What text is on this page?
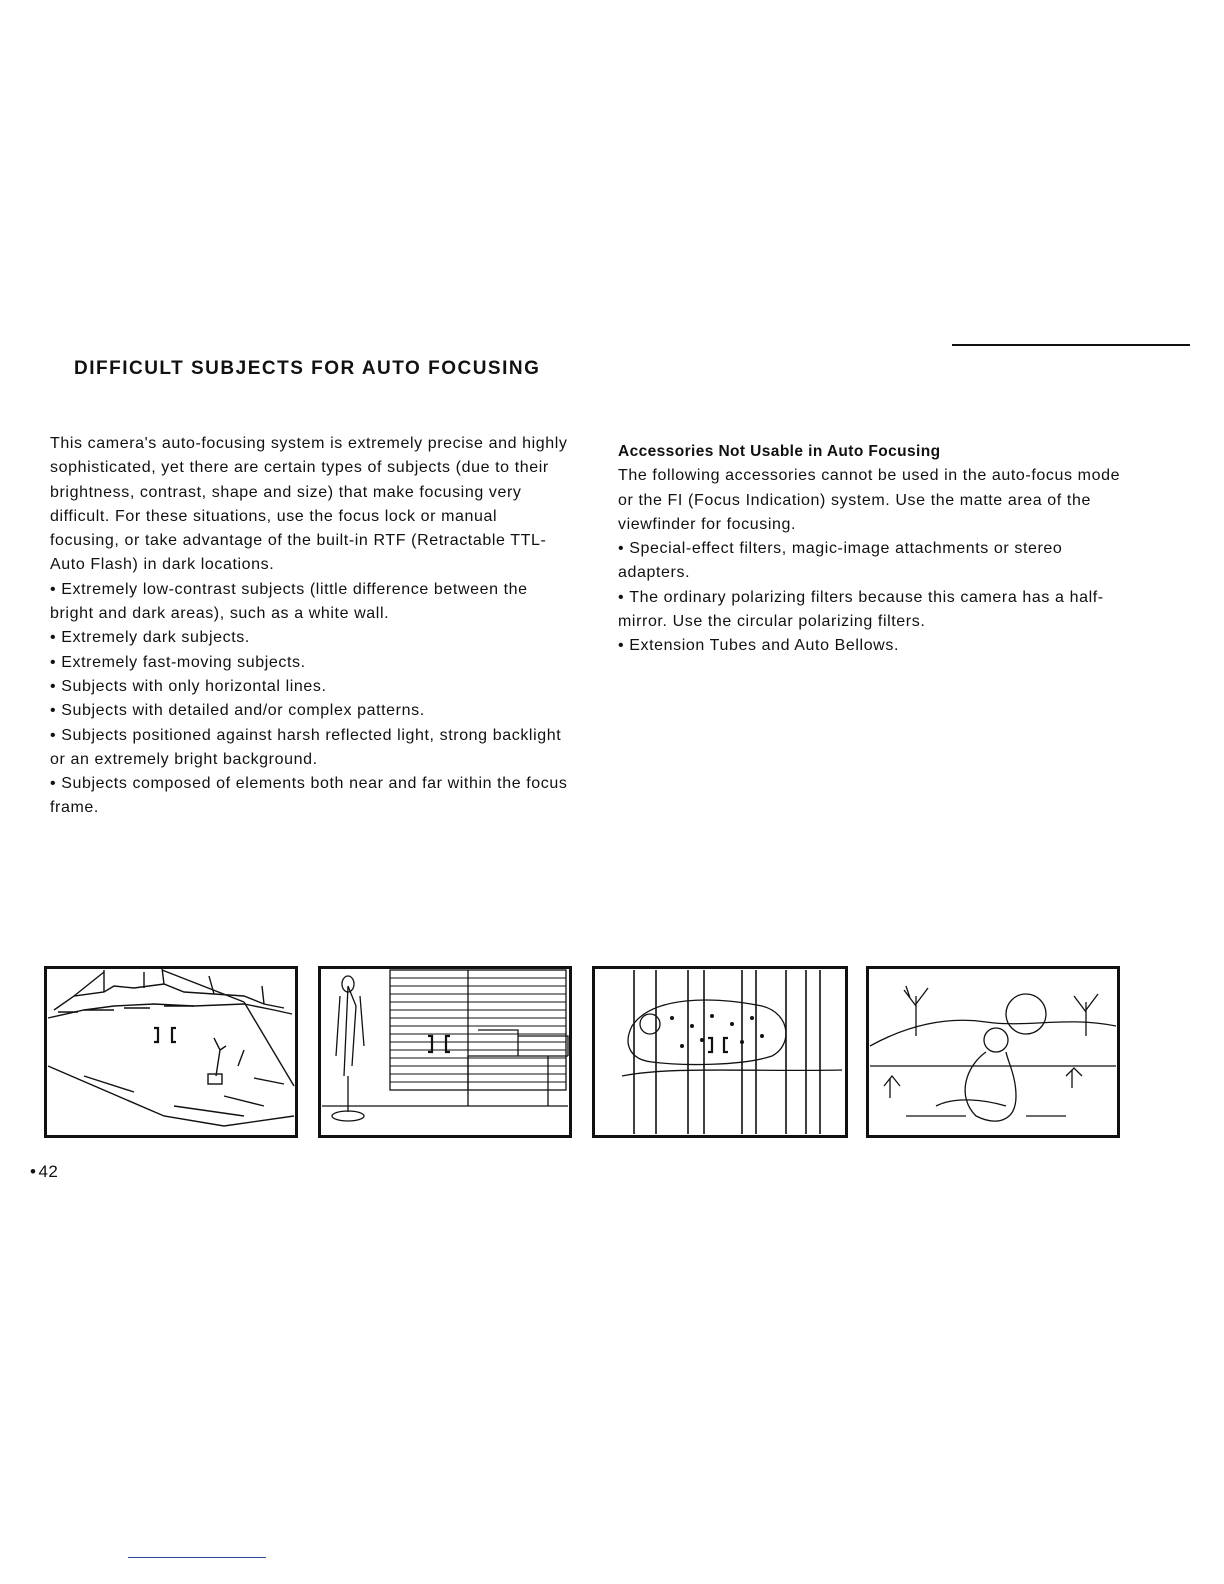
DIFFICULT SUBJECTS FOR AUTO FOCUSING

This camera's auto-focusing system is extremely precise and highly sophisticated, yet there are certain types of subjects (due to their brightness, contrast, shape and size) that make focusing very difficult. For these situations, use the focus lock or manual focusing, or take advantage of the built-in RTF (Retractable TTL-Auto Flash) in dark locations.

• Extremely low-contrast subjects (little difference between the bright and dark areas), such as a white wall.

• Extremely dark subjects.

• Extremely fast-moving subjects.

• Subjects with only horizontal lines.

• Subjects with detailed and/or complex patterns.

• Subjects positioned against harsh reflected light, strong backlight or an extremely bright background.

• Subjects composed of elements both near and far within the focus frame.

Accessories Not Usable in Auto Focusing

The following accessories cannot be used in the auto-focus mode or the FI (Focus Indication) system. Use the matte area of the viewfinder for focusing.

• Special-effect filters, magic-image attachments or stereo adapters.

• The ordinary polarizing filters because this camera has a half-mirror. Use the circular polarizing filters.

• Extension Tubes and Auto Bellows.

• 42
